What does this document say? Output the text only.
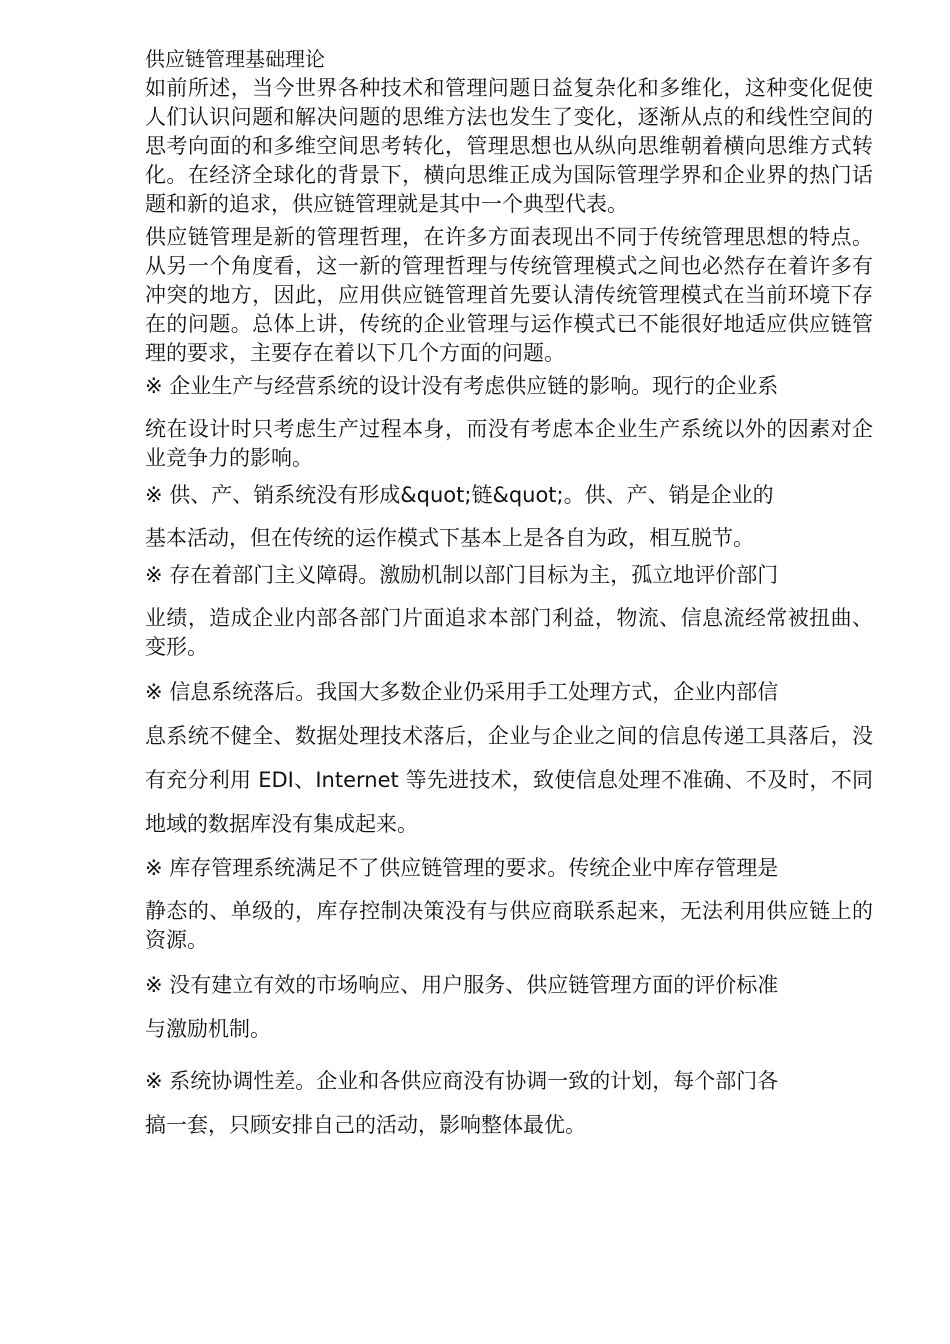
供应链管理基础理论

如前所述，当今世界各种技术和管理问题日益复杂化和多维化，这种变化促使人们认识问题和解决问题的思维方法也发生了变化，逐渐从点的和线性空间的思考向面的和多维空间思考转化，管理思想也从纵向思维朝着横向思维方式转化。在经济全球化的背景下，横向思维正成为国际管理学界和企业界的热门话题和新的追求，供应链管理就是其中一个典型代表。

供应链管理是新的管理哲理，在许多方面表现出不同于传统管理思想的特点。从另一个角度看，这一新的管理哲理与传统管理模式之间也必然存在着许多有冲突的地方，因此，应用供应链管理首先要认清传统管理模式在当前环境下存在的问题。总体上讲，传统的企业管理与运作模式已不能很好地适应供应链管理的要求，主要存在着以下几个方面的问题。

※ 企业生产与经营系统的设计没有考虑供应链的影响。现行的企业系
统在设计时只考虑生产过程本身，而没有考虑本企业生产系统以外的因素对企业竞争力的影响。
※ 供、产、销系统没有形成&quot;链&quot;。供、产、销是企业的
基本活动，但在传统的运作模式下基本上是各自为政，相互脱节。
※ 存在着部门主义障碍。激励机制以部门目标为主，孤立地评价部门
业绩，造成企业内部各部门片面追求本部门利益，物流、信息流经常被扭曲、变形。
※ 信息系统落后。我国大多数企业仍采用手工处理方式，企业内部信
息系统不健全、数据处理技术落后，企业与企业之间的信息传递工具落后，没有充分利用 EDI、Internet 等先进技术，致使信息处理不准确、不及时，不同地域的数据库没有集成起来。
※ 库存管理系统满足不了供应链管理的要求。传统企业中库存管理是
静态的、单级的，库存控制决策没有与供应商联系起来，无法利用供应链上的资源。
※ 没有建立有效的市场响应、用户服务、供应链管理方面的评价标准
与激励机制。
※ 系统协调性差。企业和各供应商没有协调一致的计划，每个部门各
搞一套，只顾安排自己的活动，影响整体最优。
